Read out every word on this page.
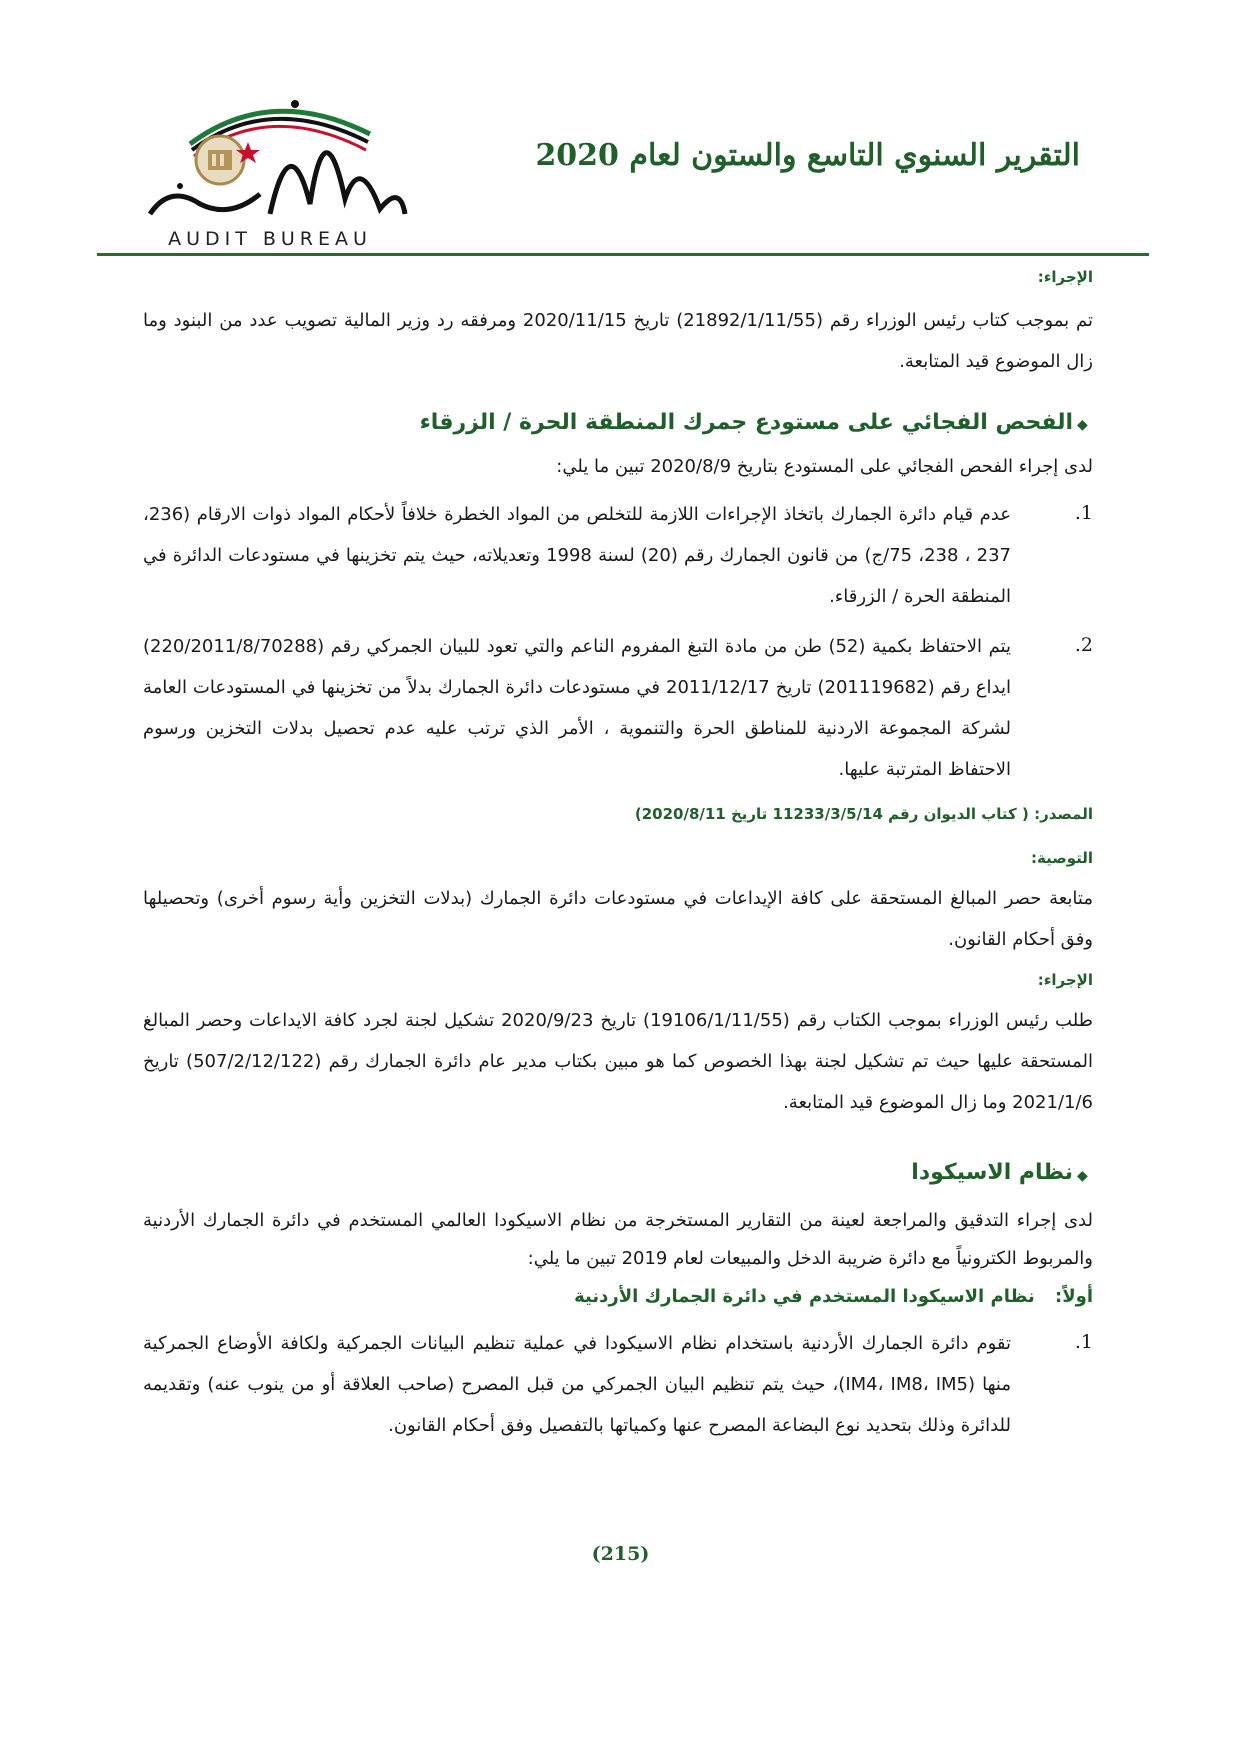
التقرير السنوي التاسع والستون لعام 2020
AUDIT BUREAU
الإجراء:
تم بموجب كتاب رئيس الوزراء رقم (21892/1/11/55) تاريخ 2020/11/15 ومرفقه رد وزير المالية تصويب عدد من البنود وما زال الموضوع قيد المتابعة.
◆
الفحص الفجائي على مستودع جمرك المنطقة الحرة / الزرقاء
لدى إجراء الفحص الفجائي على المستودع بتاريخ 2020/8/9 تبين ما يلي:
.1
عدم قيام دائرة الجمارك باتخاذ الإجراءات اللازمة للتخلص من المواد الخطرة خلافاً لأحكام المواد ذوات الارقام (236، 237 ، 238، 75/ج) من قانون الجمارك رقم (20) لسنة 1998 وتعديلاته، حيث يتم تخزينها في مستودعات الدائرة في المنطقة الحرة / الزرقاء.
.2
يتم الاحتفاظ بكمية (52) طن من مادة التبغ المفروم الناعم والتي تعود للبيان الجمركي رقم (220/2011/8/70288) ايداع رقم (201119682) تاريخ 2011/12/17 في مستودعات دائرة الجمارك بدلاً من تخزينها في المستودعات العامة لشركة المجموعة الاردنية للمناطق الحرة والتنموية ، الأمر الذي ترتب عليه عدم تحصيل بدلات التخزين ورسوم الاحتفاظ المترتبة عليها.
المصدر: ( كتاب الديوان رقم 11233/3/5/14 تاريخ 2020/8/11)
التوصية:
متابعة حصر المبالغ المستحقة على كافة الإيداعات في مستودعات دائرة الجمارك (بدلات التخزين وأية رسوم أخرى) وتحصيلها وفق أحكام القانون.
الإجراء:
طلب رئيس الوزراء بموجب الكتاب رقم (19106/1/11/55) تاريخ 2020/9/23 تشكيل لجنة لجرد كافة الايداعات وحصر المبالغ المستحقة عليها حيث تم تشكيل لجنة بهذا الخصوص كما هو مبين بكتاب مدير عام دائرة الجمارك رقم (507/2/12/122) تاريخ 2021/1/6 وما زال الموضوع قيد المتابعة.
◆
نظام الاسيكودا
لدى إجراء التدقيق والمراجعة لعينة من التقارير المستخرجة من نظام الاسيكودا العالمي المستخدم في دائرة الجمارك الأردنية والمربوط الكترونياً مع دائرة ضريبة الدخل والمبيعات لعام 2019 تبين ما يلي:
أولاً: نظام الاسيكودا المستخدم في دائرة الجمارك الأردنية
.1
تقوم دائرة الجمارك الأردنية باستخدام نظام الاسيكودا في عملية تنظيم البيانات الجمركية ولكافة الأوضاع الجمركية منها (IM4، IM8، IM5)، حيث يتم تنظيم البيان الجمركي من قبل المصرح (صاحب العلاقة أو من ينوب عنه) وتقديمه للدائرة وذلك بتحديد نوع البضاعة المصرح عنها وكمياتها بالتفصيل وفق أحكام القانون.
(215)
